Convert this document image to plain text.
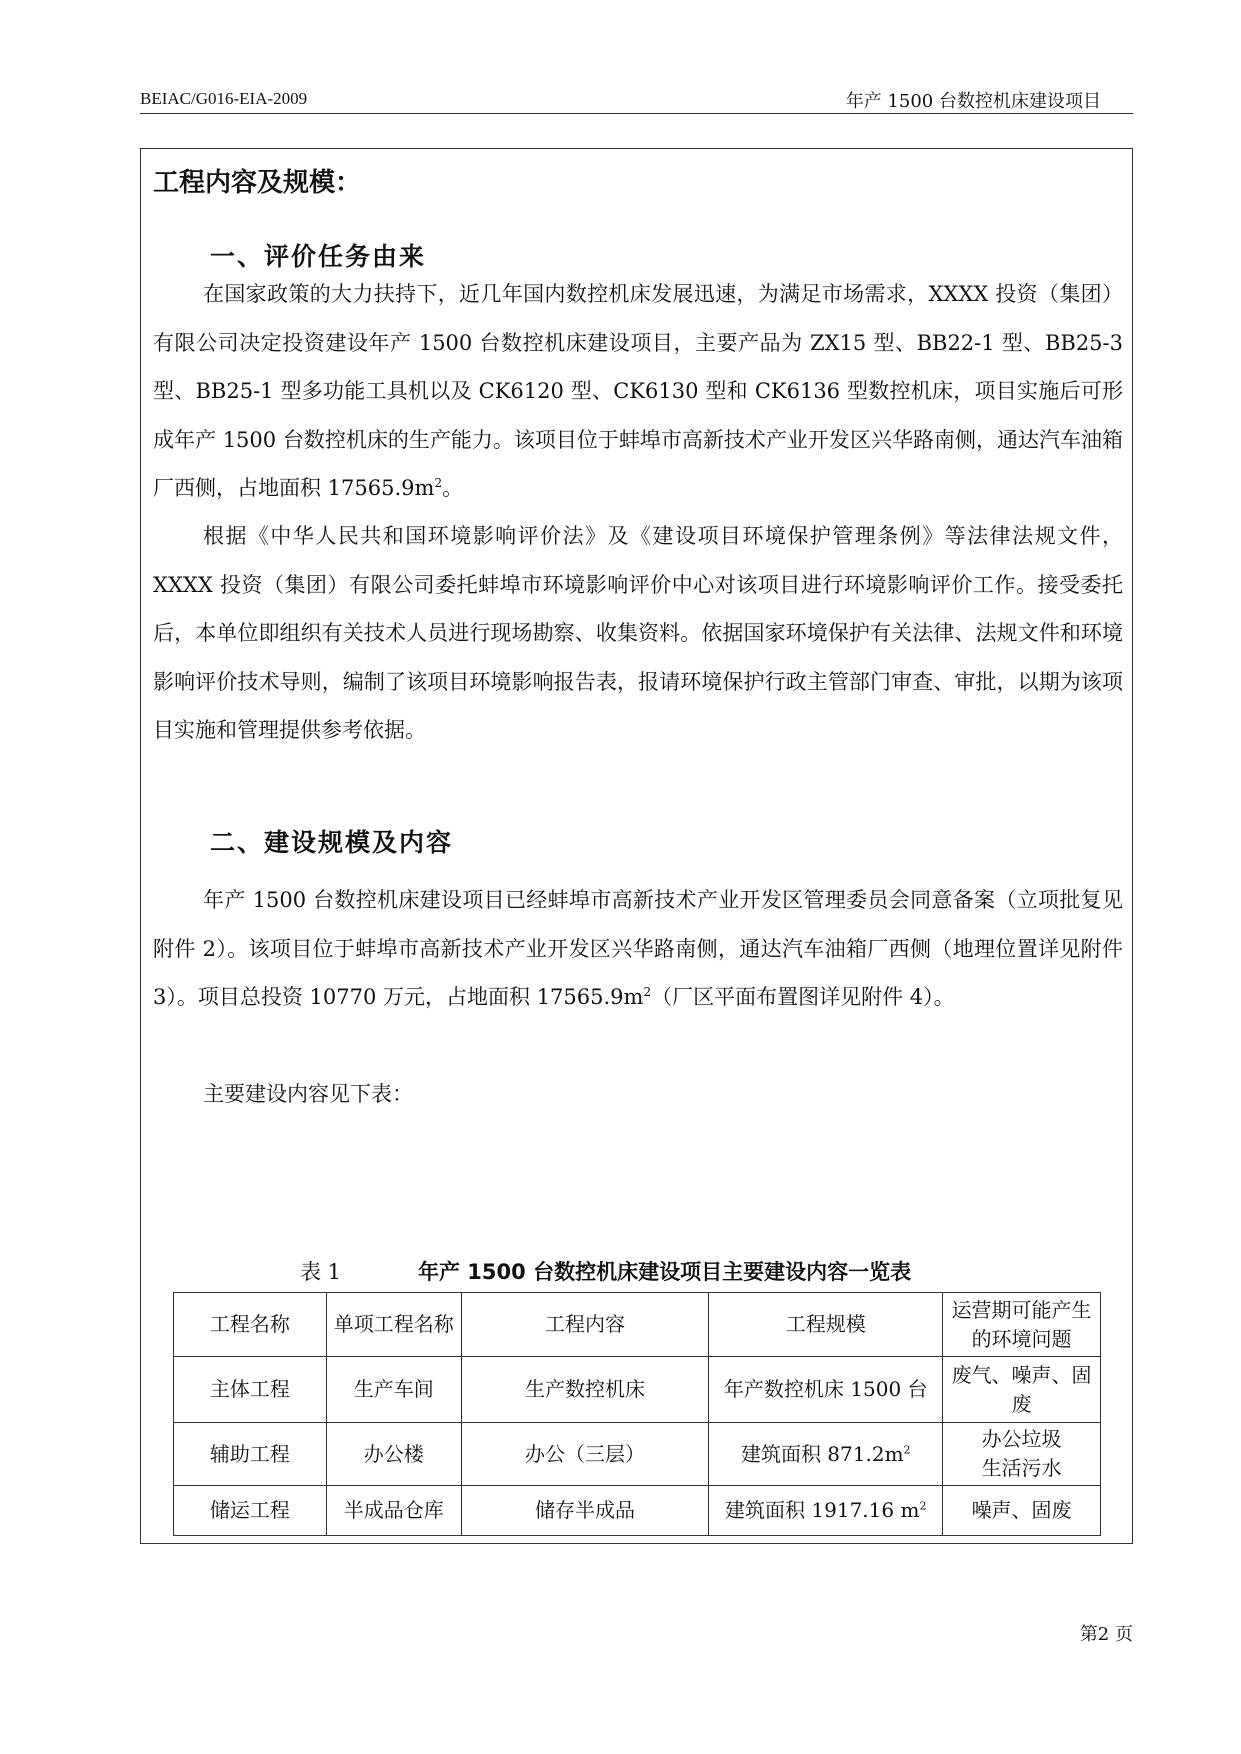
BEIAC/G016-EIA-2009	年产 1500 台数控机床建设项目
工程内容及规模：
一、评价任务由来

在国家政策的大力扶持下，近几年国内数控机床发展迅速，为满足市场需求，XXXX 投资（集团）有限公司决定投资建设年产 1500 台数控机床建设项目，主要产品为 ZX15 型、BB22-1 型、BB25-3 型、BB25-1 型多功能工具机以及 CK6120 型、CK6130 型和 CK6136 型数控机床，项目实施后可形成年产 1500 台数控机床的生产能力。该项目位于蚌埠市高新技术产业开发区兴华路南侧，通达汽车油箱厂西侧，占地面积 $17565.9m^2$。

根据《中华人民共和国环境影响评价法》及《建设项目环境保护管理条例》等法律法规文件，XXXX 投资（集团）有限公司委托蚌埠市环境影响评价中心对该项目进行环境影响评价工作。接受委托后，本单位即组织有关技术人员进行现场勘察、收集资料。依据国家环境保护有关法律、法规文件和环境影响评价技术导则，编制了该项目环境影响报告表，报请环境保护行政主管部门审查、审批，以期为该项目实施和管理提供参考依据。

二、建设规模及内容

年产 1500 台数控机床建设项目已经蚌埠市高新技术产业开发区管理委员会同意备案（立项批复见附件 2）。该项目位于蚌埠市高新技术产业开发区兴华路南侧，通达汽车油箱厂西侧（地理位置详见附件 3）。项目总投资 10770 万元，占地面积 $17565.9m^2$（厂区平面布置图详见附件 4）。

主要建设内容见下表：

表 1	年产 1500 台数控机床建设项目主要建设内容一览表
工程名称	单项工程名称	工程内容	工程规模	运营期可能产生的环境问题
主体工程	生产车间	生产数控机床	年产数控机床 1500 台	废气、噪声、固废
辅助工程	办公楼	办公（三层）	建筑面积 $871.2m^2$	办公垃圾
生活污水
储运工程	半成品仓库	储存半成品	建筑面积 1917.16 $m^2$	噪声、固废
第2 页
